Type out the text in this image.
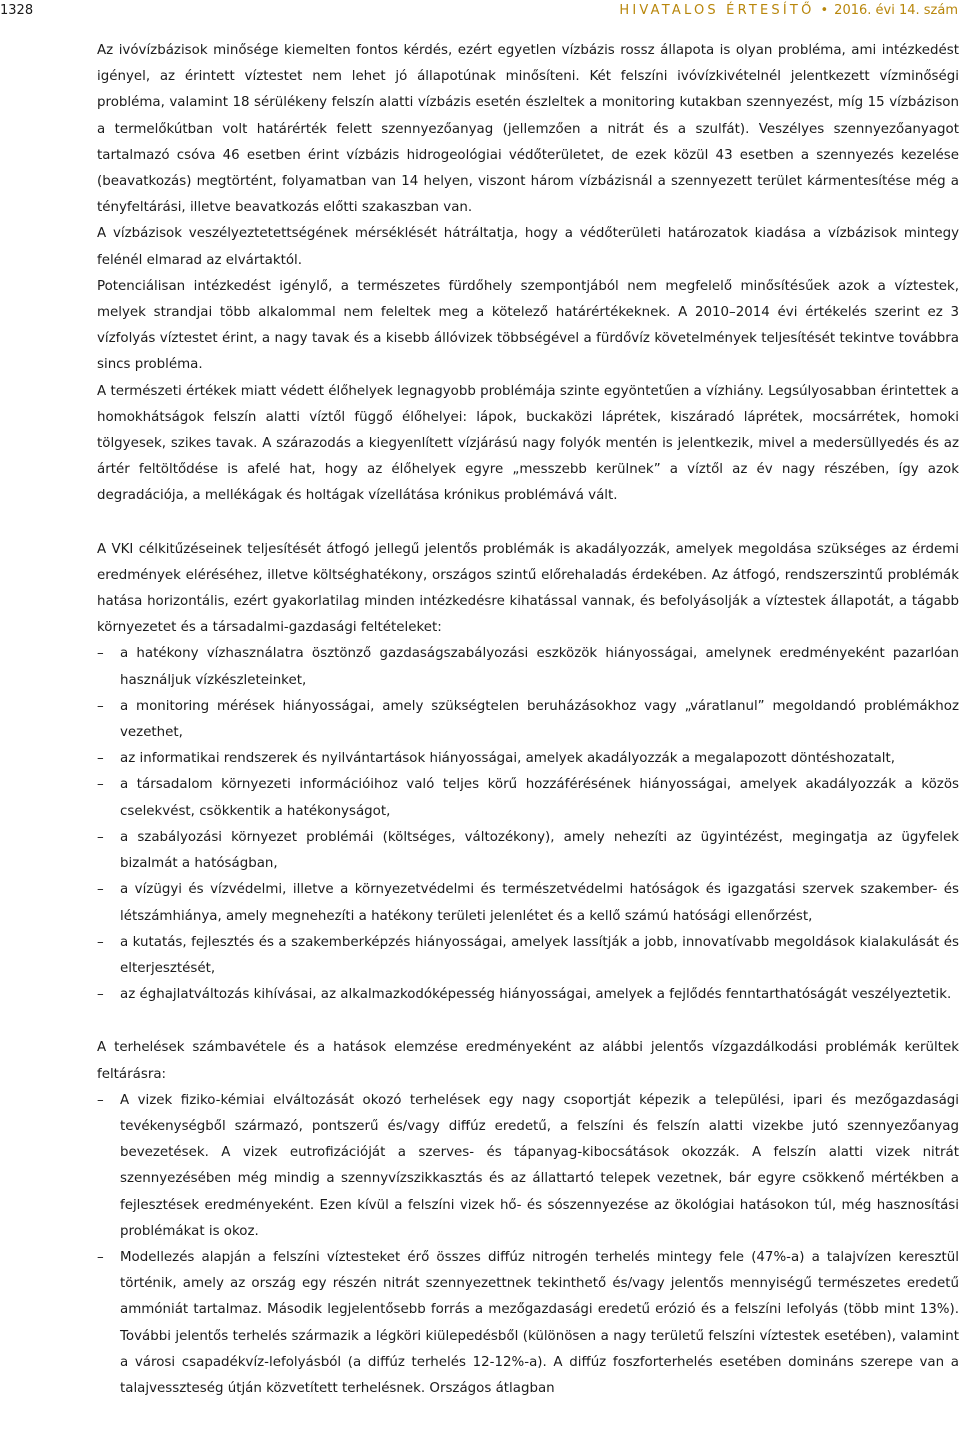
1328	HIVATALOS ÉRTESÍTŐ • 2016. évi 14. szám

Az ivóvízbázisok minősége kiemelten fontos kérdés, ezért egyetlen vízbázis rossz állapota is olyan probléma, ami intézkedést igényel, az érintett víztestet nem lehet jó állapotúnak minősíteni. Két felszíni ivóvízkivételnél jelentkezett vízminőségi probléma, valamint 18 sérülékeny felszín alatti vízbázis esetén észleltek a monitoring kutakban szennyezést, míg 15 vízbázison a termelőkútban volt határérték felett szennyezőanyag (jellemzően a nitrát és a szulfát). Veszélyes szennyezőanyagot tartalmazó csóva 46 esetben érint vízbázis hidrogeológiai védőterületet, de ezek közül 43 esetben a szennyezés kezelése (beavatkozás) megtörtént, folyamatban van 14 helyen, viszont három vízbázisnál a szennyezett terület kármentesítése még a tényfeltárási, illetve beavatkozás előtti szakaszban van.

A vízbázisok veszélyeztetettségének mérséklését hátráltatja, hogy a védőterületi határozatok kiadása a vízbázisok mintegy felénél elmarad az elvártaktól.

Potenciálisan intézkedést igénylő, a természetes fürdőhely szempontjából nem megfelelő minősítésűek azok a víztestek, melyek strandjai több alkalommal nem feleltek meg a kötelező határértékeknek. A 2010–2014 évi értékelés szerint ez 3 vízfolyás víztestet érint, a nagy tavak és a kisebb állóvizek többségével a fürdővíz követelmények teljesítését tekintve továbbra sincs probléma.

A természeti értékek miatt védett élőhelyek legnagyobb problémája szinte egyöntetűen a vízhiány. Legsúlyosabban érintettek a homokhátságok felszín alatti víztől függő élőhelyei: lápok, buckaközi láprétek, kiszáradó láprétek, mocsárrétek, homoki tölgyesek, szikes tavak. A szárazodás a kiegyenlített vízjárású nagy folyók mentén is jelentkezik, mivel a medersüllyedés és az ártér feltöltődése is afelé hat, hogy az élőhelyek egyre „messzebb kerülnek” a víztől az év nagy részében, így azok degradációja, a mellékágak és holtágak vízellátása krónikus problémává vált.

A VKI célkitűzéseinek teljesítését átfogó jellegű jelentős problémák is akadályozzák, amelyek megoldása szükséges az érdemi eredmények eléréséhez, illetve költséghatékony, országos szintű előrehaladás érdekében. Az átfogó, rendszerszintű problémák hatása horizontális, ezért gyakorlatilag minden intézkedésre kihatással vannak, és befolyásolják a víztestek állapotát, a tágabb környezetet és a társadalmi-gazdasági feltételeket:

– a hatékony vízhasználatra ösztönző gazdaságszabályozási eszközök hiányosságai, amelynek eredményeként pazarlóan használjuk vízkészleteinket,
– a monitoring mérések hiányosságai, amely szükségtelen beruházásokhoz vagy „váratlanul” megoldandó problémákhoz vezethet,
– az informatikai rendszerek és nyilvántartások hiányosságai, amelyek akadályozzák a megalapozott döntéshozatalt,
– a társadalom környezeti információihoz való teljes körű hozzáférésének hiányosságai, amelyek akadályozzák a közös cselekvést, csökkentik a hatékonyságot,
– a szabályozási környezet problémái (költséges, változékony), amely nehezíti az ügyintézést, megingatja az ügyfelek bizalmát a hatóságban,
– a vízügyi és vízvédelmi, illetve a környezetvédelmi és természetvédelmi hatóságok és igazgatási szervek szakember- és létszámhiánya, amely megnehezíti a hatékony területi jelenlétet és a kellő számú hatósági ellenőrzést,
– a kutatás, fejlesztés és a szakemberképzés hiányosságai, amelyek lassítják a jobb, innovatívabb megoldások kialakulását és elterjesztését,
– az éghajlatváltozás kihívásai, az alkalmazkodóképesség hiányosságai, amelyek a fejlődés fenntarthatóságát veszélyeztetik.

A terhelések számbavétele és a hatások elemzése eredményeként az alábbi jelentős vízgazdálkodási problémák kerültek feltárásra:

– A vizek fiziko-kémiai elváltozását okozó terhelések egy nagy csoportját képezik a települési, ipari és mezőgazdasági tevékenységből származó, pontszerű és/vagy diffúz eredetű, a felszíni és felszín alatti vizekbe jutó szennyezőanyag bevezetések. A vizek eutrofizációját a szerves- és tápanyag-kibocsátások okozzák. A felszín alatti vizek nitrát szennyezésében még mindig a szennyvízszikkasztás és az állattartó telepek vezetnek, bár egyre csökkenő mértékben a fejlesztések eredményeként. Ezen kívül a felszíni vizek hő- és sószennyezése az ökológiai hatásokon túl, még hasznosítási problémákat is okoz.
– Modellezés alapján a felszíni víztesteket érő összes diffúz nitrogén terhelés mintegy fele (47%-a) a talajvízen keresztül történik, amely az ország egy részén nitrát szennyezettnek tekinthető és/vagy jelentős mennyiségű természetes eredetű ammóniát tartalmaz. Második legjelentősebb forrás a mezőgazdasági eredetű erózió és a felszíni lefolyás (több mint 13%). További jelentős terhelés származik a légköri kiülepedésből (különösen a nagy területű felszíni víztestek esetében), valamint a városi csapadékvíz-lefolyásból (a diffúz terhelés 12-12%-a). A diffúz foszforterhelés esetében domináns szerepe van a talajvesszteség útján közvetített terhelésnek. Országos átlagban
